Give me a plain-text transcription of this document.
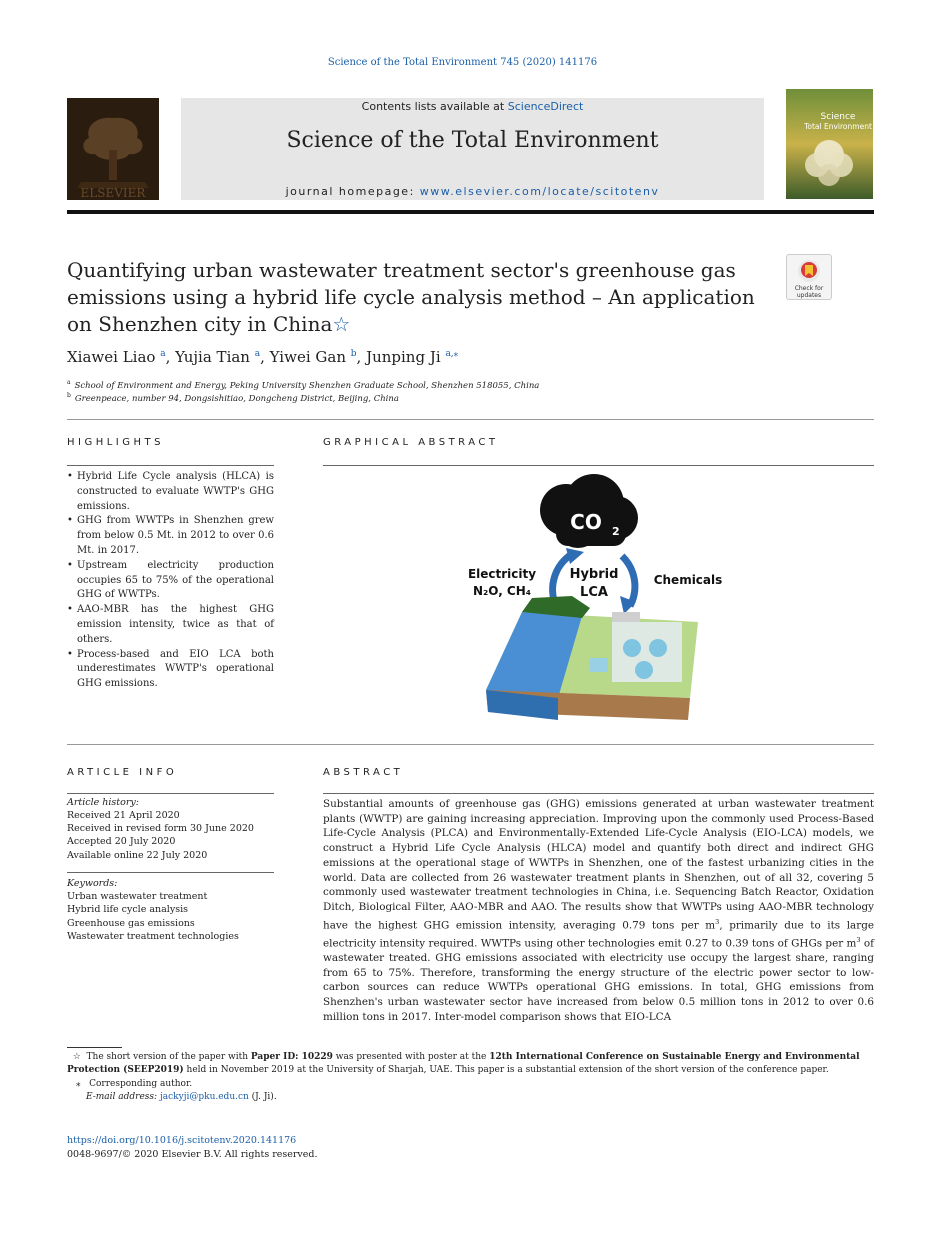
Science of the Total Environment 745 (2020) 141176
ELSEVIER
Contents lists available at ScienceDirect
Science of the Total Environment
journal homepage: www.elsevier.com/locate/scitotenv
Science
Total Environment
Quantifying urban wastewater treatment sector's greenhouse gas emissions using a hybrid life cycle analysis method – An application on Shenzhen city in China☆
Check for
updates
Xiawei Liao $^a$, Yujia Tian $^a$, Yiwei Gan $^b$, Junping Ji $^{a,⁎}$
$^a$ School of Environment and Energy, Peking University Shenzhen Graduate School, Shenzhen 518055, China
$^b$ Greenpeace, number 94, Dongsishitiao, Dongcheng District, Beijing, China
HIGHLIGHTS
• Hybrid Life Cycle analysis (HLCA) is constructed to evaluate WWTP's GHG emissions.
• GHG from WWTPs in Shenzhen grew from below 0.5 Mt. in 2012 to over 0.6 Mt. in 2017.
• Upstream electricity production occupies 65 to 75% of the operational GHG of WWTPs.
• AAO-MBR has the highest GHG emission intensity, twice as that of others.
• Process-based and EIO LCA both underestimates WWTP's operational GHG emissions.
GRAPHICAL ABSTRACT
CO 2
Hybrid
LCA
Electricity
N₂O, CH₄
Chemicals
ARTICLE INFO
Article history:
Received 21 April 2020
Received in revised form 30 June 2020
Accepted 20 July 2020
Available online 22 July 2020
Keywords:
Urban wastewater treatment
Hybrid life cycle analysis
Greenhouse gas emissions
Wastewater treatment technologies
ABSTRACT
Substantial amounts of greenhouse gas (GHG) emissions generated at urban wastewater treatment plants (WWTP) are gaining increasing appreciation. Improving upon the commonly used Process-Based Life-Cycle Analysis (PLCA) and Environmentally-Extended Life-Cycle Analysis (EIO-LCA) models, we construct a Hybrid Life Cycle Analysis (HLCA) model and quantify both direct and indirect GHG emissions at the operational stage of WWTPs in Shenzhen, one of the fastest urbanizing cities in the world. Data are collected from 26 wastewater treatment plants in Shenzhen, out of all 32, covering 5 commonly used wastewater treatment technologies in China, i.e. Sequencing Batch Reactor, Oxidation Ditch, Biological Filter, AAO-MBR and AAO. The results show that WWTPs using AAO-MBR technology have the highest GHG emission intensity, averaging 0.79 tons per $m^3$, primarily due to its large electricity intensity required. WWTPs using other technologies emit 0.27 to 0.39 tons of GHGs per $m^3$ of wastewater treated. GHG emissions associated with electricity use occupy the largest share, ranging from 65 to 75%. Therefore, transforming the energy structure of the electric power sector to low-carbon sources can reduce WWTPs operational GHG emissions. In total, GHG emissions from Shenzhen's urban wastewater sector have increased from below 0.5 million tons in 2012 to over 0.6 million tons in 2017. Inter-model comparison shows that EIO-LCA
☆ The short version of the paper with Paper ID: 10229 was presented with poster at the 12th International Conference on Sustainable Energy and Environmental Protection (SEEP2019) held in November 2019 at the University of Sharjah, UAE. This paper is a substantial extension of the short version of the conference paper.
⁎ Corresponding author.
E-mail address: jackyji@pku.edu.cn (J. Ji).
https://doi.org/10.1016/j.scitotenv.2020.141176
0048-9697/© 2020 Elsevier B.V. All rights reserved.
